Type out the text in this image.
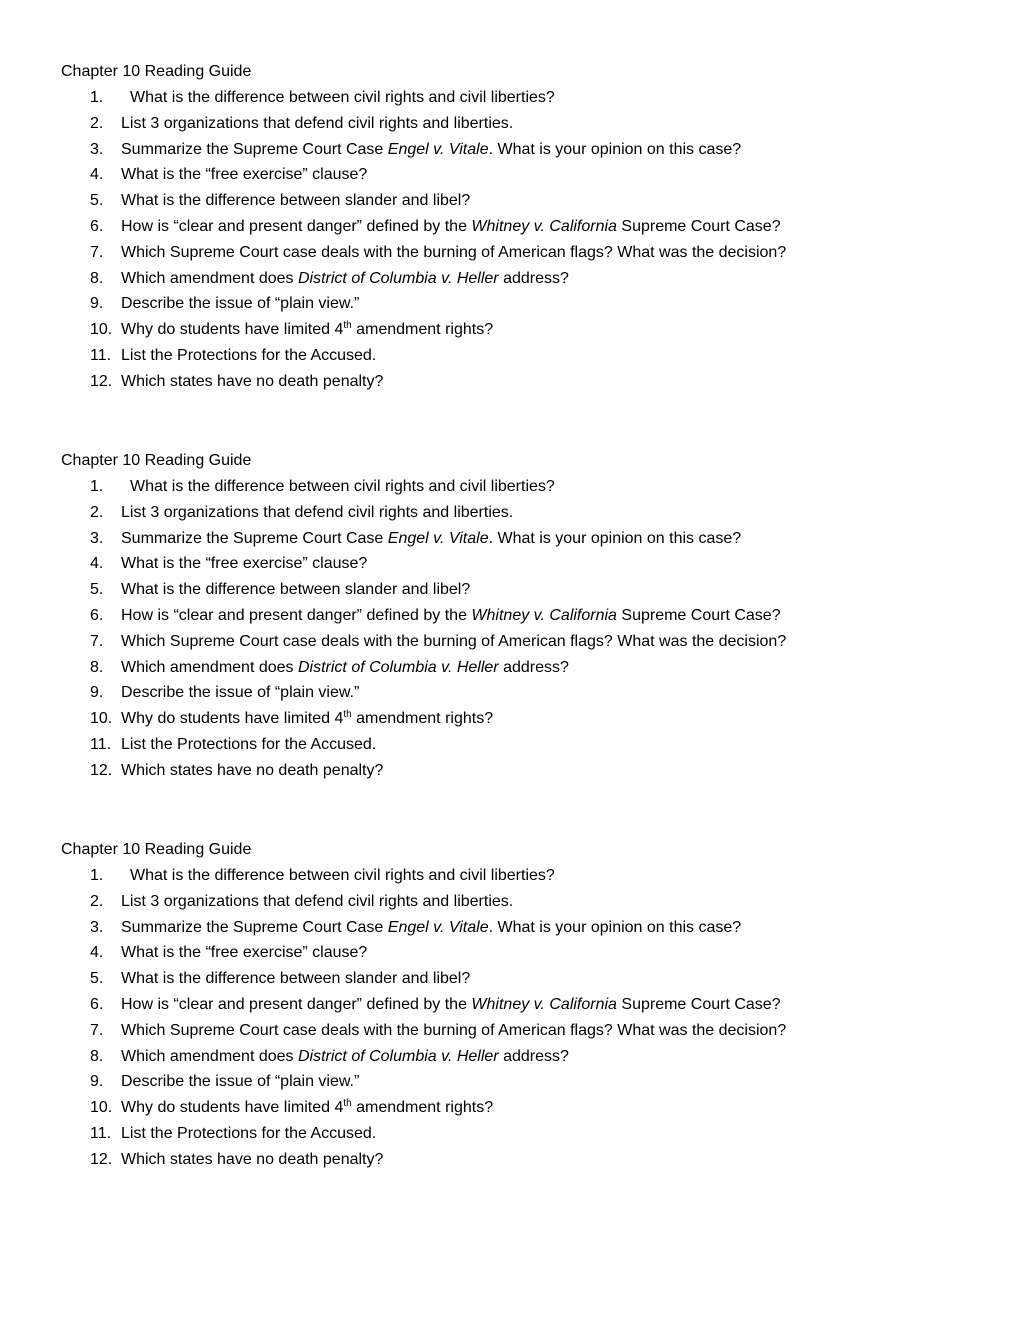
Chapter 10 Reading Guide
1.	What is the difference between civil rights and civil liberties?
2.	List 3 organizations that defend civil rights and liberties.
3.	Summarize the Supreme Court Case Engel v. Vitale. What is your opinion on this case?
4.	What is the “free exercise” clause?
5.	What is the difference between slander and libel?
6.	How is “clear and present danger” defined by the Whitney v. California Supreme Court Case?
7.	Which Supreme Court case deals with the burning of American flags? What was the decision?
8.	Which amendment does District of Columbia v. Heller address?
9.	Describe the issue of “plain view.”
10. Why do students have limited 4th amendment rights?
11. List the Protections for the Accused.
12. Which states have no death penalty?
Chapter 10 Reading Guide
1.	What is the difference between civil rights and civil liberties?
2.	List 3 organizations that defend civil rights and liberties.
3.	Summarize the Supreme Court Case Engel v. Vitale. What is your opinion on this case?
4.	What is the “free exercise” clause?
5.	What is the difference between slander and libel?
6.	How is “clear and present danger” defined by the Whitney v. California Supreme Court Case?
7.	Which Supreme Court case deals with the burning of American flags? What was the decision?
8.	Which amendment does District of Columbia v. Heller address?
9.	Describe the issue of “plain view.”
10. Why do students have limited 4th amendment rights?
11. List the Protections for the Accused.
12. Which states have no death penalty?
Chapter 10 Reading Guide
1.	What is the difference between civil rights and civil liberties?
2.	List 3 organizations that defend civil rights and liberties.
3.	Summarize the Supreme Court Case Engel v. Vitale. What is your opinion on this case?
4.	What is the “free exercise” clause?
5.	What is the difference between slander and libel?
6.	How is “clear and present danger” defined by the Whitney v. California Supreme Court Case?
7.	Which Supreme Court case deals with the burning of American flags? What was the decision?
8.	Which amendment does District of Columbia v. Heller address?
9.	Describe the issue of “plain view.”
10. Why do students have limited 4th amendment rights?
11. List the Protections for the Accused.
12. Which states have no death penalty?
